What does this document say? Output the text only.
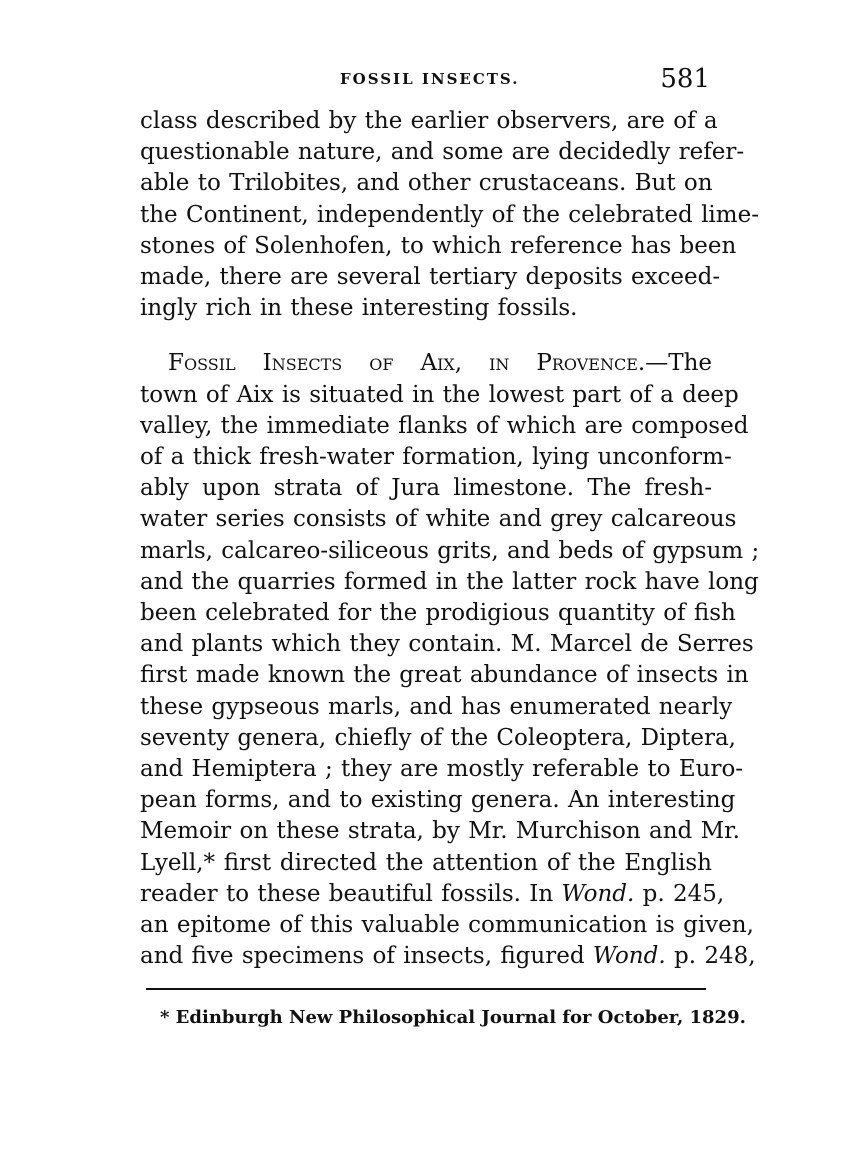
FOSSIL INSECTS.	581

class described by the earlier observers, are of a
questionable nature, and some are decidedly refer-
able to Trilobites, and other crustaceans. But on
the Continent, independently of the celebrated lime-
stones of Solenhofen, to which reference has been
made, there are several tertiary deposits exceed-
ingly rich in these interesting fossils.

Fossil Insects of Aix, in Provence.—The
town of Aix is situated in the lowest part of a deep
valley, the immediate flanks of which are composed
of a thick fresh-water formation, lying unconform-
ably upon strata of Jura limestone. The fresh-
water series consists of white and grey calcareous
marls, calcareo-siliceous grits, and beds of gypsum ;
and the quarries formed in the latter rock have long
been celebrated for the prodigious quantity of fish
and plants which they contain. M. Marcel de Serres
first made known the great abundance of insects in
these gypseous marls, and has enumerated nearly
seventy genera, chiefly of the Coleoptera, Diptera,
and Hemiptera ; they are mostly referable to Euro-
pean forms, and to existing genera. An interesting
Memoir on these strata, by Mr. Murchison and Mr.
Lyell,* first directed the attention of the English
reader to these beautiful fossils. In Wond. p. 245,
an epitome of this valuable communication is given,
and five specimens of insects, figured Wond. p. 248,

* Edinburgh New Philosophical Journal for October, 1829.
